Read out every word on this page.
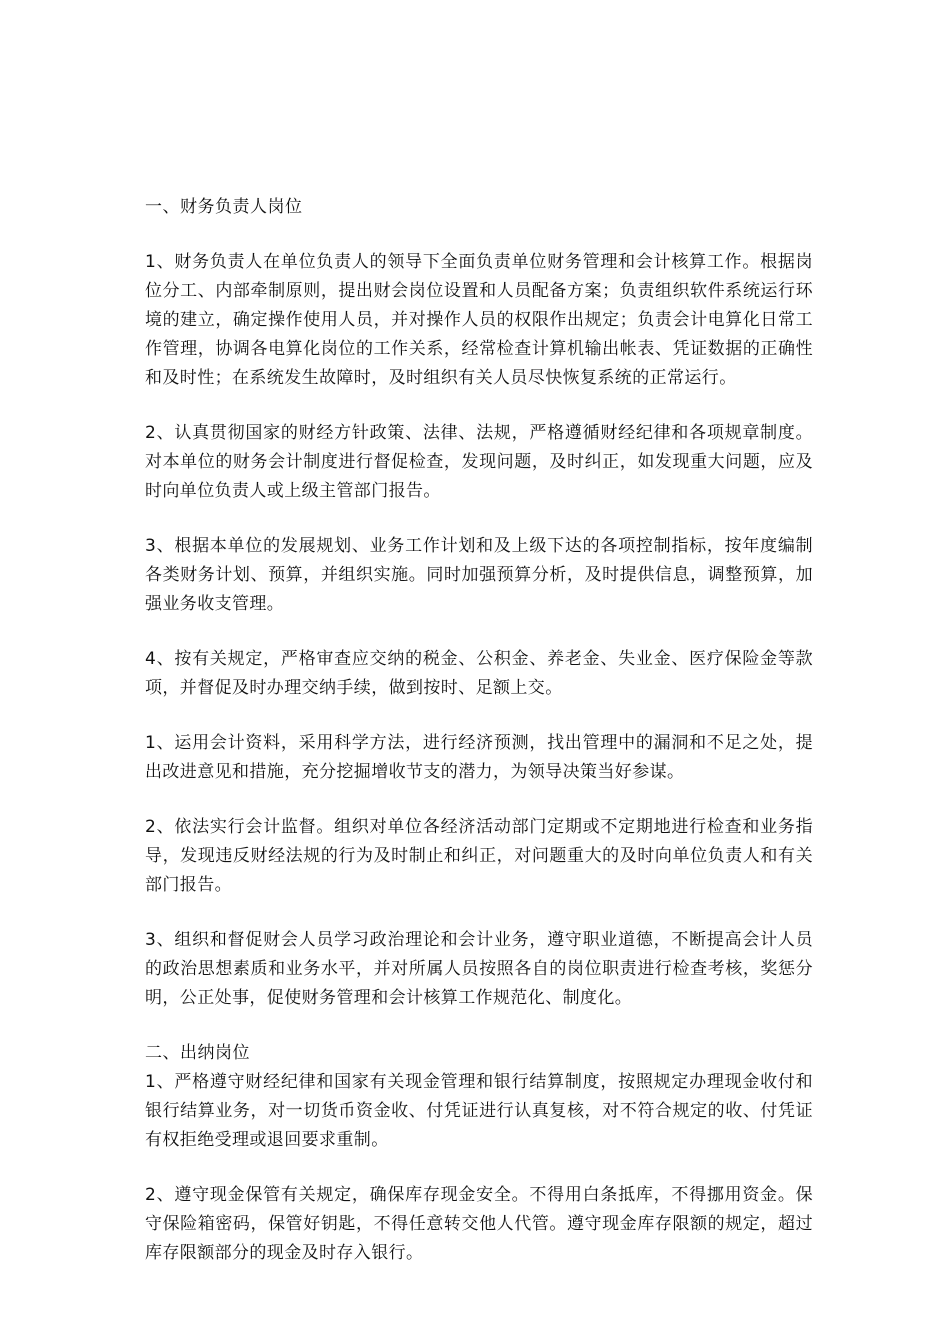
一、财务负责人岗位

1、财务负责人在单位负责人的领导下全面负责单位财务管理和会计核算工作。根据岗位分工、内部牵制原则，提出财会岗位设置和人员配备方案；负责组织软件系统运行环境的建立，确定操作使用人员，并对操作人员的权限作出规定；负责会计电算化日常工作管理，协调各电算化岗位的工作关系，经常检查计算机输出帐表、凭证数据的正确性和及时性；在系统发生故障时，及时组织有关人员尽快恢复系统的正常运行。

2、认真贯彻国家的财经方针政策、法律、法规，严格遵循财经纪律和各项规章制度。对本单位的财务会计制度进行督促检查，发现问题，及时纠正，如发现重大问题，应及时向单位负责人或上级主管部门报告。

3、根据本单位的发展规划、业务工作计划和及上级下达的各项控制指标，按年度编制各类财务计划、预算，并组织实施。同时加强预算分析，及时提供信息，调整预算，加强业务收支管理。

4、按有关规定，严格审查应交纳的税金、公积金、养老金、失业金、医疗保险金等款项，并督促及时办理交纳手续，做到按时、足额上交。

1、运用会计资料，采用科学方法，进行经济预测，找出管理中的漏洞和不足之处，提出改进意见和措施，充分挖掘增收节支的潜力，为领导决策当好参谋。

2、依法实行会计监督。组织对单位各经济活动部门定期或不定期地进行检查和业务指导，发现违反财经法规的行为及时制止和纠正，对问题重大的及时向单位负责人和有关部门报告。

3、组织和督促财会人员学习政治理论和会计业务，遵守职业道德，不断提高会计人员的政治思想素质和业务水平，并对所属人员按照各自的岗位职责进行检查考核，奖惩分明，公正处事，促使财务管理和会计核算工作规范化、制度化。

二、出纳岗位

1、严格遵守财经纪律和国家有关现金管理和银行结算制度，按照规定办理现金收付和银行结算业务，对一切货币资金收、付凭证进行认真复核，对不符合规定的收、付凭证有权拒绝受理或退回要求重制。

2、遵守现金保管有关规定，确保库存现金安全。不得用白条抵库，不得挪用资金。保守保险箱密码，保管好钥匙，不得任意转交他人代管。遵守现金库存限额的规定，超过库存限额部分的现金及时存入银行。
